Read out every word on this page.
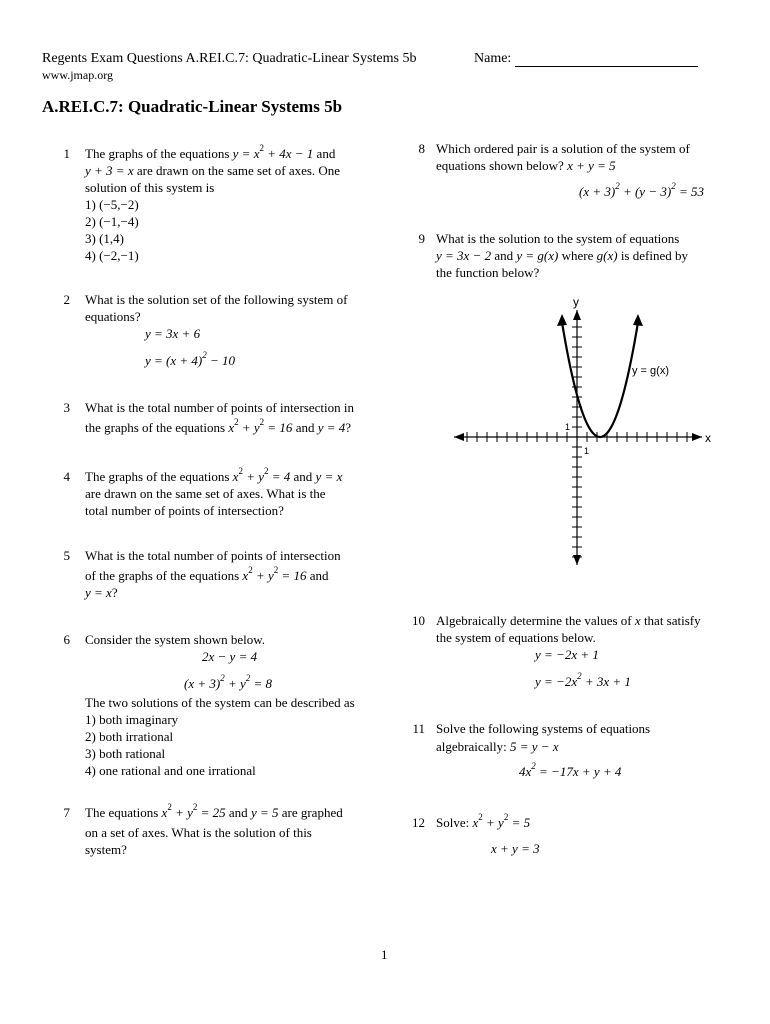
Regents Exam Questions A.REI.C.7: Quadratic-Linear Systems 5b	Name:
www.jmap.org
A.REI.C.7: Quadratic-Linear Systems 5b
1 The graphs of the equations $y = x^2 + 4x - 1$ and
y + 3 = x are drawn on the same set of axes. One
solution of this system is
1) (−5,−2)
2) (−1,−4)
3) (1,4)
4) (−2,−1)
2 What is the solution set of the following system of
equations?
y = 3x + 6
$y = (x + 4)^2 - 10$
3 What is the total number of points of intersection in
the graphs of the equations $x^2 + y^2 = 16$ and y = 4?
4 The graphs of the equations $x^2 + y^2 = 4$ and y = x
are drawn on the same set of axes. What is the
total number of points of intersection?
5 What is the total number of points of intersection
of the graphs of the equations $x^2 + y^2 = 16$ and
y = x?
6 Consider the system shown below.
2x − y = 4
$(x + 3)^2 + y^2 = 8$
The two solutions of the system can be described as
1) both imaginary
2) both irrational
3) both rational
4) one rational and one irrational
7 The equations $x^2 + y^2 = 25$ and y = 5 are graphed
on a set of axes. What is the solution of this
system?
8 Which ordered pair is a solution of the system of
equations shown below? x + y = 5
$(x + 3)^2 + (y - 3)^2 = 53$
9 What is the solution to the system of equations
y = 3x − 2 and y = g(x) where g(x) is defined by
the function below?
x
y
1
1
y = g(x)
10 Algebraically determine the values of x that satisfy
the system of equations below.
y = −2x + 1
$y = -2x^2 + 3x + 1$
11 Solve the following systems of equations
algebraically: 5 = y − x
$4x^2 = -17x + y + 4$
12 Solve: $x^2 + y^2 = 5$
x + y = 3
1
